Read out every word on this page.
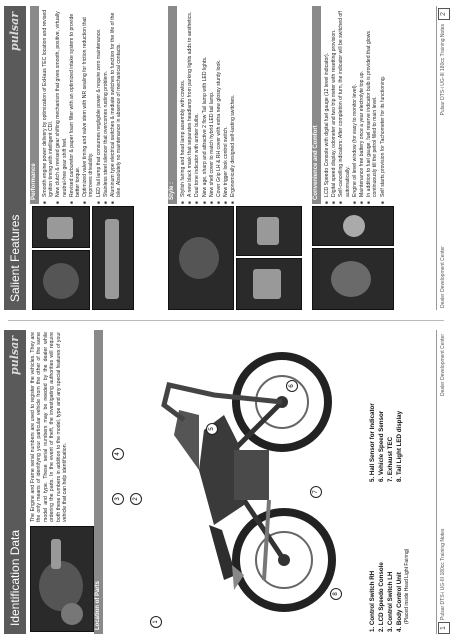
Identification Data
pulsar	The Engine and Frame serial numbers are used to register the vehicles. They are the only means of identifying your particular vehicle from the other of the same model and type. These serial numbers may be needed by the dealer while ordering the parts. In the event of theft, the investigating authorities will require both these numbers in addition to the model, type and any special features of your vehicle that can help identification.
Location of Parts	1
2
3
4
5
6
7
8	1. Control Switch RH 2. LCD Speedo Console 3. Control Switch LH 4. Body Control Unit (Placed inside Head Light Fairing)
5. Hall Sensor for Indicator 6. Vehicle Speed Sensor 7. Exhaust TEC 8. Tail Light LED display
1
Pulsar DTS-i UG-III 180cc Training Notes
Dealer Development Center
Salient Features
pulsar
Performance ■ Smooth engine power delivery by optimization of ExHaus TEC location and revised ignition timing with intelligent CDI. ■ New clutch & revised gear shifting mechanism that gives smooth, positive, virtually neutral-free gear shift feel. ■ Revised carburetor & paper foam filter with an optimized intake system to provide better torque. ■ Optimized valve timing and valve stem with NR sealing for friction reduction that improves drivability. ■ LED tail lamp that consumes negligible power & require zero maintenance. ■ Stainless steel silencer that overcomes rusting problem. ■ Aluminum type electrical switches & mediate switches to function for the life of the bike. Absolutely no maintenance in absence of mechanical contacts.	Style : ■ Stylish fairing and head lamp assembly with cowlos. ■ A new black mask that separates headlamp from parking lights adds to aesthetics. ■ Dual tone indicator with amber bulbs. ■ New age, sharp and attractive 2 flow Tail lamp with LED lights. ■ New shell cover to match hybrid LED tail lamp. ■ Cover Grip LH & RH cover with extra new glossy sturdy look. ■ New trigger look control switch. ■ Ergonomically designed self-lasting switches.	Convenience and Comfort ■ LCD Speedo Console with digital fuel gauge (12 level indicator). ■ Digital speed display, odometer and two trip meter with resetting provision. ■ Self-cancelling indicators: After completion of turn, the indicator will be switched off automatically. ■ Engine oil level window (for easy to monitor level). ■ Maintenance free battery once a year electrolyte top up. ■ In addition to fuel gauge, fuel reserve indicator bulb is provided that glows continuously till the petrol filled to main level. ■ Self starts provision for Tachometer for its functioning.
Dealer Development Center
Pulsar DTS-i UG-III 180cc Training Notes
2
